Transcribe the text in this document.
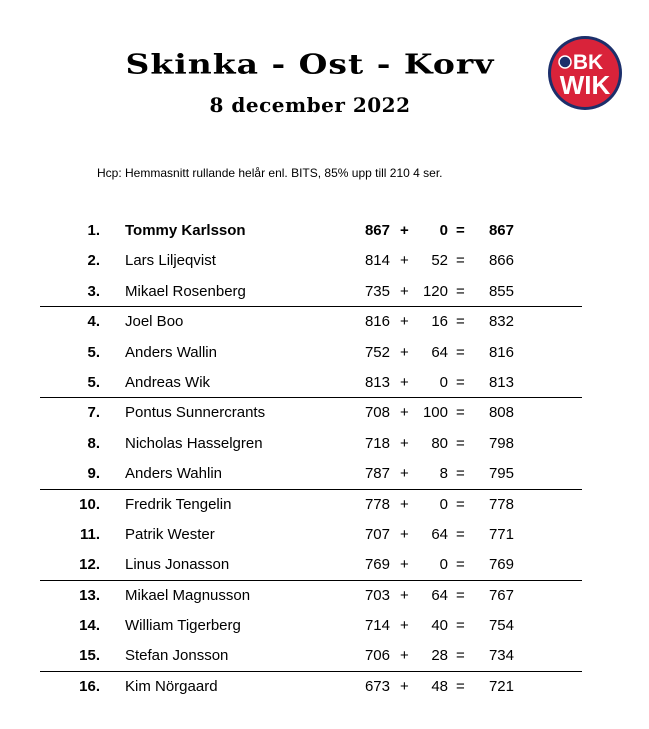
Skinka - Ost - Korv
8 december 2022
BK
WIK
Hcp: Hemmasnitt rullande helår enl. BITS, 85% upp till 210 4 ser.
1. Tommy Karlsson	867 +	0 =	867
2. Lars Liljeqvist	814 +	52 =	866
3. Mikael Rosenberg	735 + 120 =	855
4. Joel Boo	816 +	16 =	832
5. Anders Wallin	752 +	64 =	816
5. Andreas Wik	813 +	0 =	813
7. Pontus Sunnercrants	708 + 100 =	808
8. Nicholas Hasselgren	718 +	80 =	798
9. Anders Wahlin	787 +	8 =	795
10. Fredrik Tengelin	778 +	0 =	778
11. Patrik Wester	707 +	64 =	771
12. Linus Jonasson	769 +	0 =	769
13. Mikael Magnusson	703 +	64 =	767
14. William Tigerberg	714 +	40 =	754
15. Stefan Jonsson	706 +	28 =	734
16. Kim Nörgaard	673 +	48 =	721
